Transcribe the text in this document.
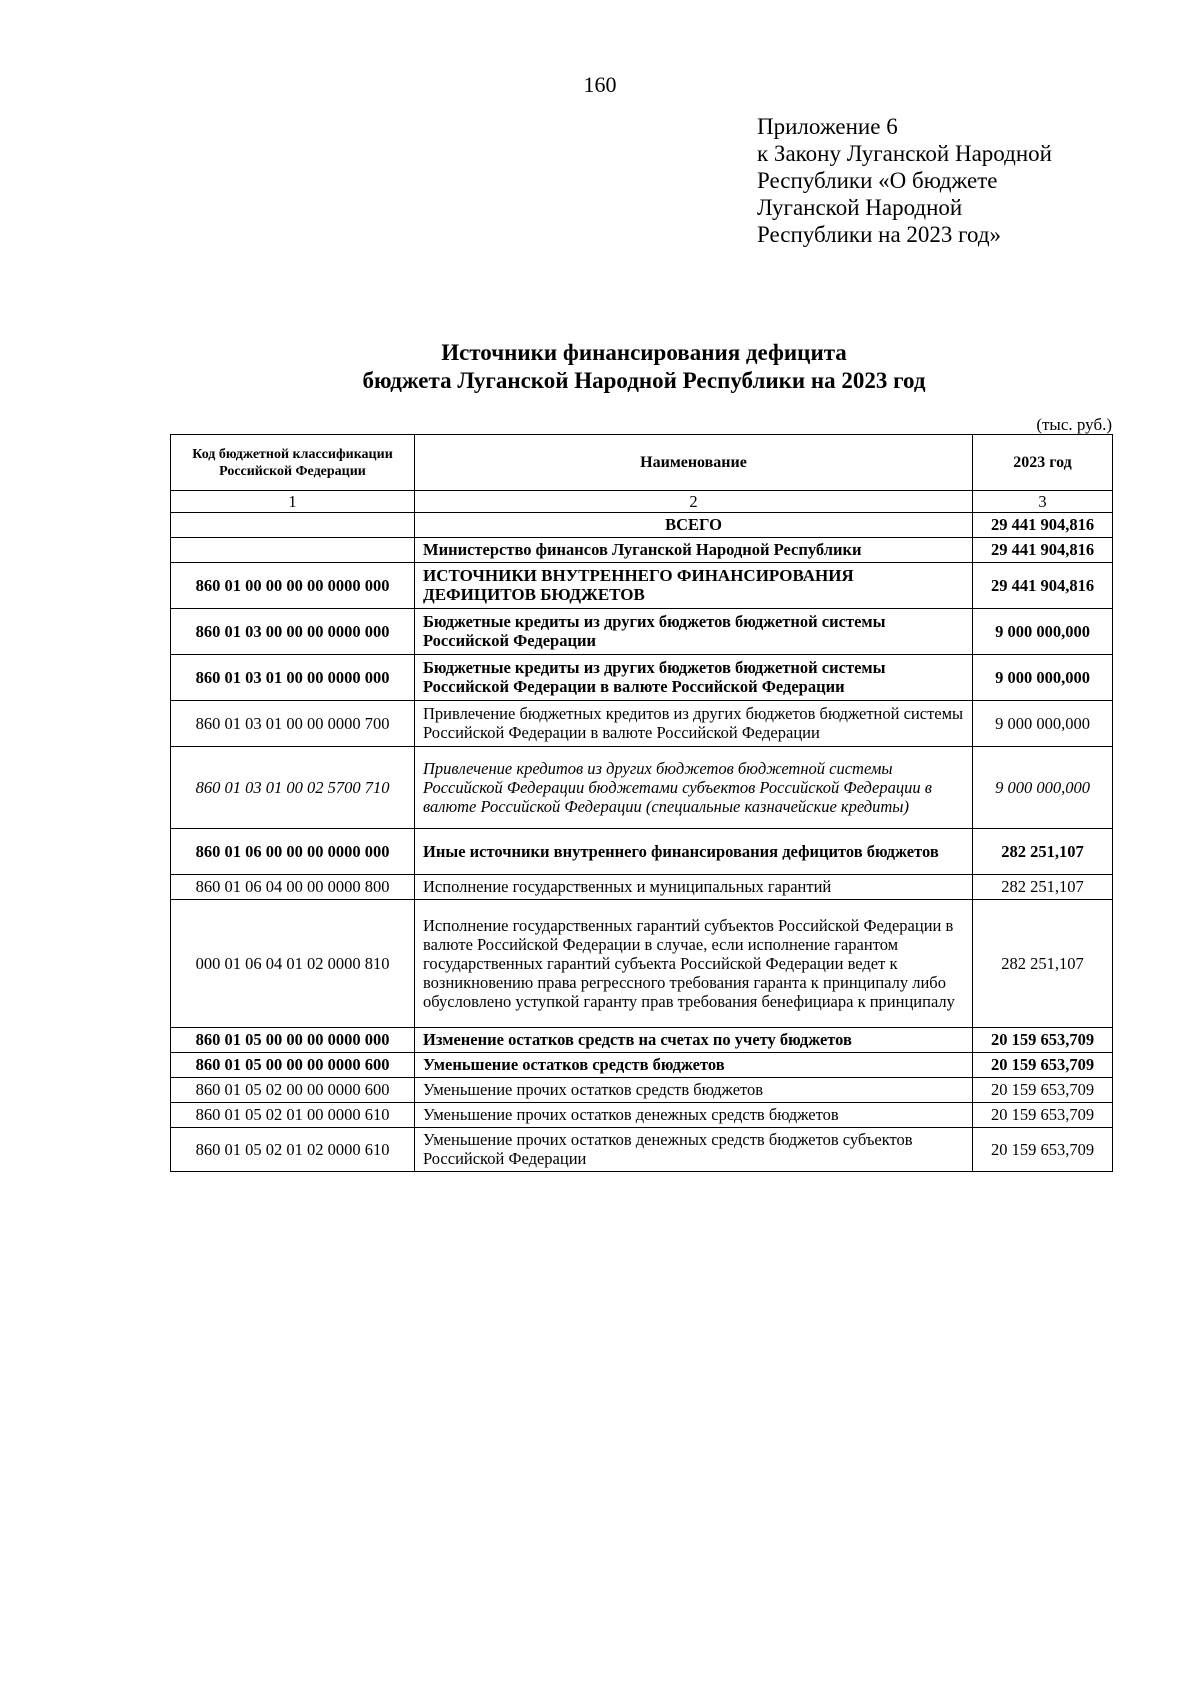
160
Приложение 6
к Закону Луганской Народной
Республики «О бюджете
Луганской Народной
Республики на 2023 год»
Источники финансирования дефицита
бюджета Луганской Народной Республики на 2023 год
(тыс. руб.)
Код бюджетной классификации Российской Федерации	Наименование	2023 год
1	2	3
	ВСЕГО	29 441 904,816
	Министерство финансов Луганской Народной Республики	29 441 904,816
860 01 00 00 00 00 0000 000	ИСТОЧНИКИ ВНУТРЕННЕГО ФИНАНСИРОВАНИЯ ДЕФИЦИТОВ БЮДЖЕТОВ	29 441 904,816
860 01 03 00 00 00 0000 000	Бюджетные кредиты из других бюджетов бюджетной системы Российской Федерации	9 000 000,000
860 01 03 01 00 00 0000 000	Бюджетные кредиты из других бюджетов бюджетной системы Российской Федерации в валюте Российской Федерации	9 000 000,000
860 01 03 01 00 00 0000 700	Привлечение бюджетных кредитов из других бюджетов бюджетной системы Российской Федерации в валюте Российской Федерации	9 000 000,000
860 01 03 01 00 02 5700 710	Привлечение кредитов из других бюджетов бюджетной системы Российской Федерации бюджетами субъектов Российской Федерации в валюте Российской Федерации (специальные казначейские кредиты)	9 000 000,000
860 01 06 00 00 00 0000 000	Иные источники внутреннего финансирования дефицитов бюджетов	282 251,107
860 01 06 04 00 00 0000 800	Исполнение государственных и муниципальных гарантий	282 251,107
000 01 06 04 01 02 0000 810	Исполнение государственных гарантий субъектов Российской Федерации в валюте Российской Федерации в случае, если исполнение гарантом государственных гарантий субъекта Российской Федерации ведет к возникновению права регрессного требования гаранта к принципалу либо обусловлено уступкой гаранту прав требования бенефициара к принципалу	282 251,107
860 01 05 00 00 00 0000 000	Изменение остатков средств на счетах по учету бюджетов	20 159 653,709
860 01 05 00 00 00 0000 600	Уменьшение остатков средств бюджетов	20 159 653,709
860 01 05 02 00 00 0000 600	Уменьшение прочих остатков средств бюджетов	20 159 653,709
860 01 05 02 01 00 0000 610	Уменьшение прочих остатков денежных средств бюджетов	20 159 653,709
860 01 05 02 01 02 0000 610	Уменьшение прочих остатков денежных средств бюджетов субъектов Российской Федерации	20 159 653,709
